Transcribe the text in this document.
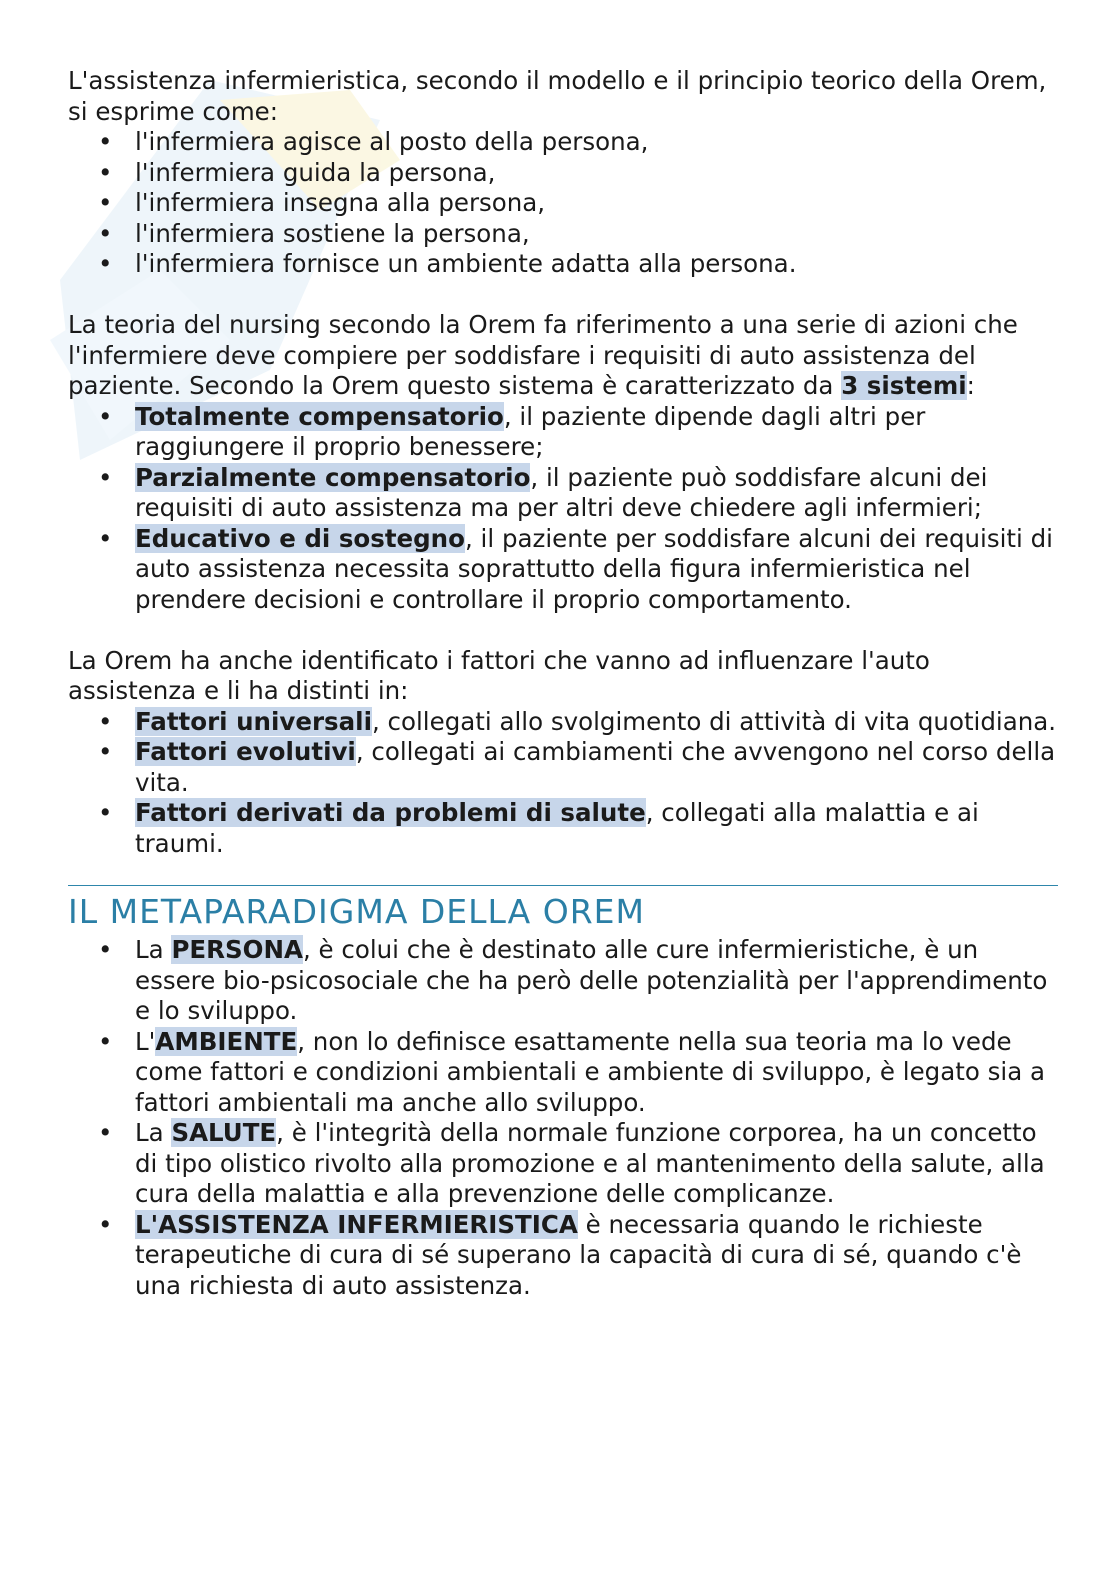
L'assistenza infermieristica, secondo il modello e il principio teorico della Orem, si esprime come:

• l'infermiera agisce al posto della persona,
• l'infermiera guida la persona,
• l'infermiera insegna alla persona,
• l'infermiera sostiene la persona,
• l'infermiera fornisce un ambiente adatta alla persona.

La teoria del nursing secondo la Orem fa riferimento a una serie di azioni che l'infermiere deve compiere per soddisfare i requisiti di auto assistenza del paziente. Secondo la Orem questo sistema è caratterizzato da 3 sistemi:

• Totalmente compensatorio, il paziente dipende dagli altri per raggiungere il proprio benessere;
• Parzialmente compensatorio, il paziente può soddisfare alcuni dei requisiti di auto assistenza ma per altri deve chiedere agli infermieri;
• Educativo e di sostegno, il paziente per soddisfare alcuni dei requisiti di auto assistenza necessita soprattutto della figura infermieristica nel prendere decisioni e controllare il proprio comportamento.

La Orem ha anche identificato i fattori che vanno ad influenzare l'auto assistenza e li ha distinti in:

• Fattori universali, collegati allo svolgimento di attività di vita quotidiana.
• Fattori evolutivi, collegati ai cambiamenti che avvengono nel corso della vita.
• Fattori derivati da problemi di salute, collegati alla malattia e ai traumi.
IL METAPARADIGMA DELLA OREM
• La PERSONA, è colui che è destinato alle cure infermieristiche, è un essere bio-psicosociale che ha però delle potenzialità per l'apprendimento e lo sviluppo.
• L'AMBIENTE, non lo definisce esattamente nella sua teoria ma lo vede come fattori e condizioni ambientali e ambiente di sviluppo, è legato sia a fattori ambientali ma anche allo sviluppo.
• La SALUTE, è l'integrità della normale funzione corporea, ha un concetto di tipo olistico rivolto alla promozione e al mantenimento della salute, alla cura della malattia e alla prevenzione delle complicanze.
• L'ASSISTENZA INFERMIERISTICA è necessaria quando le richieste terapeutiche di cura di sé superano la capacità di cura di sé, quando c'è una richiesta di auto assistenza.
